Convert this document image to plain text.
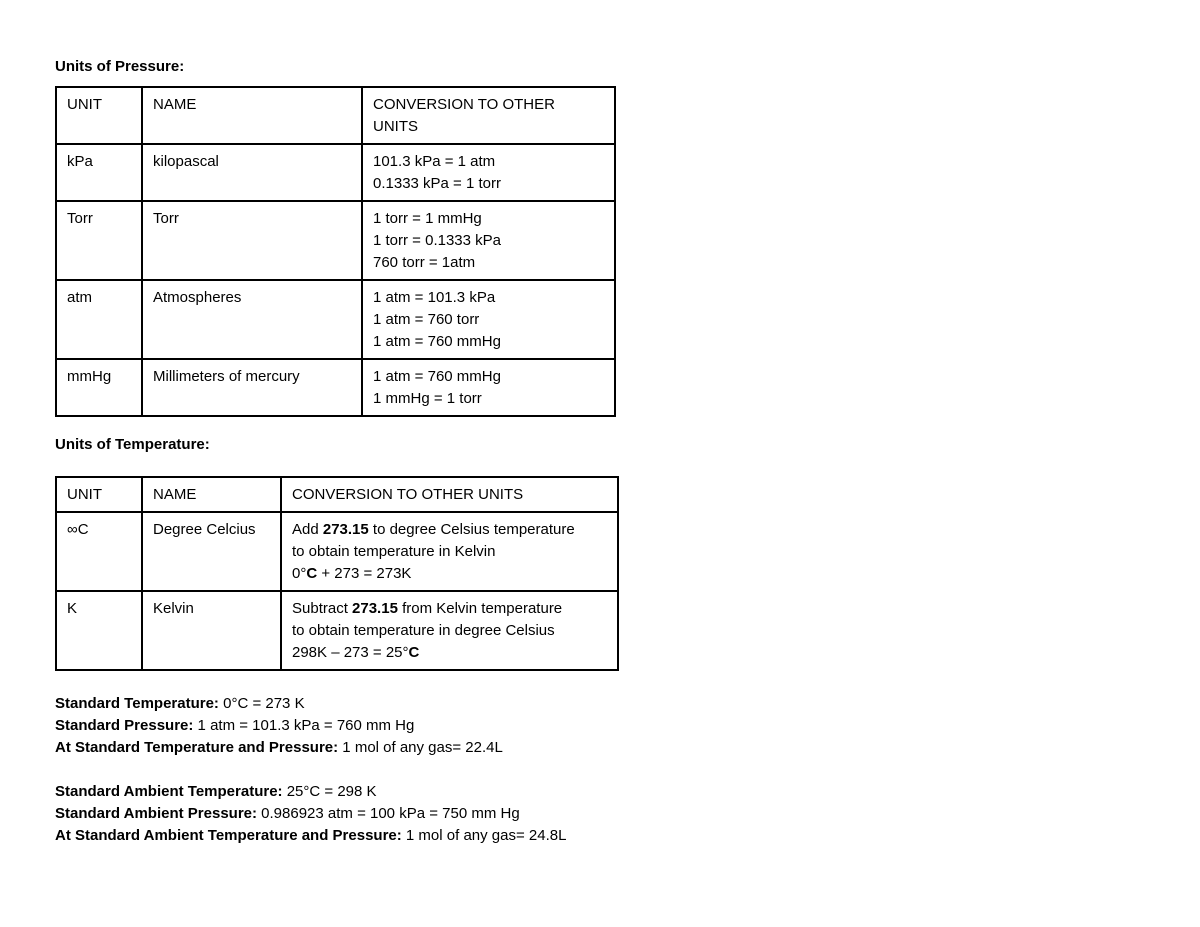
Units of Pressure:
UNIT	NAME	CONVERSION TO OTHER UNITS
kPa	kilopascal	101.3 kPa = 1 atm
0.1333 kPa = 1 torr

Torr	Torr	1 torr = 1 mmHg
1 torr = 0.1333 kPa
760 torr = 1atm

atm	Atmospheres	1 atm = 101.3 kPa
1 atm = 760 torr
1 atm = 760 mmHg

mmHg	Millimeters of mercury	1 atm = 760 mmHg
1 mmHg = 1 torr
Units of Temperature:
UNIT	NAME	CONVERSION TO OTHER UNITS
∞C	Degree Celcius	Add 273.15 to degree Celsius temperature
to obtain temperature in Kelvin
0°C + 273 = 273K

K	Kelvin	Subtract 273.15 from Kelvin temperature
to obtain temperature in degree Celsius
298K – 273 = 25°C
Standard Temperature: 0°C = 273 K
Standard Pressure: 1 atm = 101.3 kPa = 760 mm Hg
At Standard Temperature and Pressure: 1 mol of any gas= 22.4L
Standard Ambient Temperature: 25°C = 298 K
Standard Ambient Pressure: 0.986923 atm = 100 kPa = 750 mm Hg
At Standard Ambient Temperature and Pressure: 1 mol of any gas= 24.8L
